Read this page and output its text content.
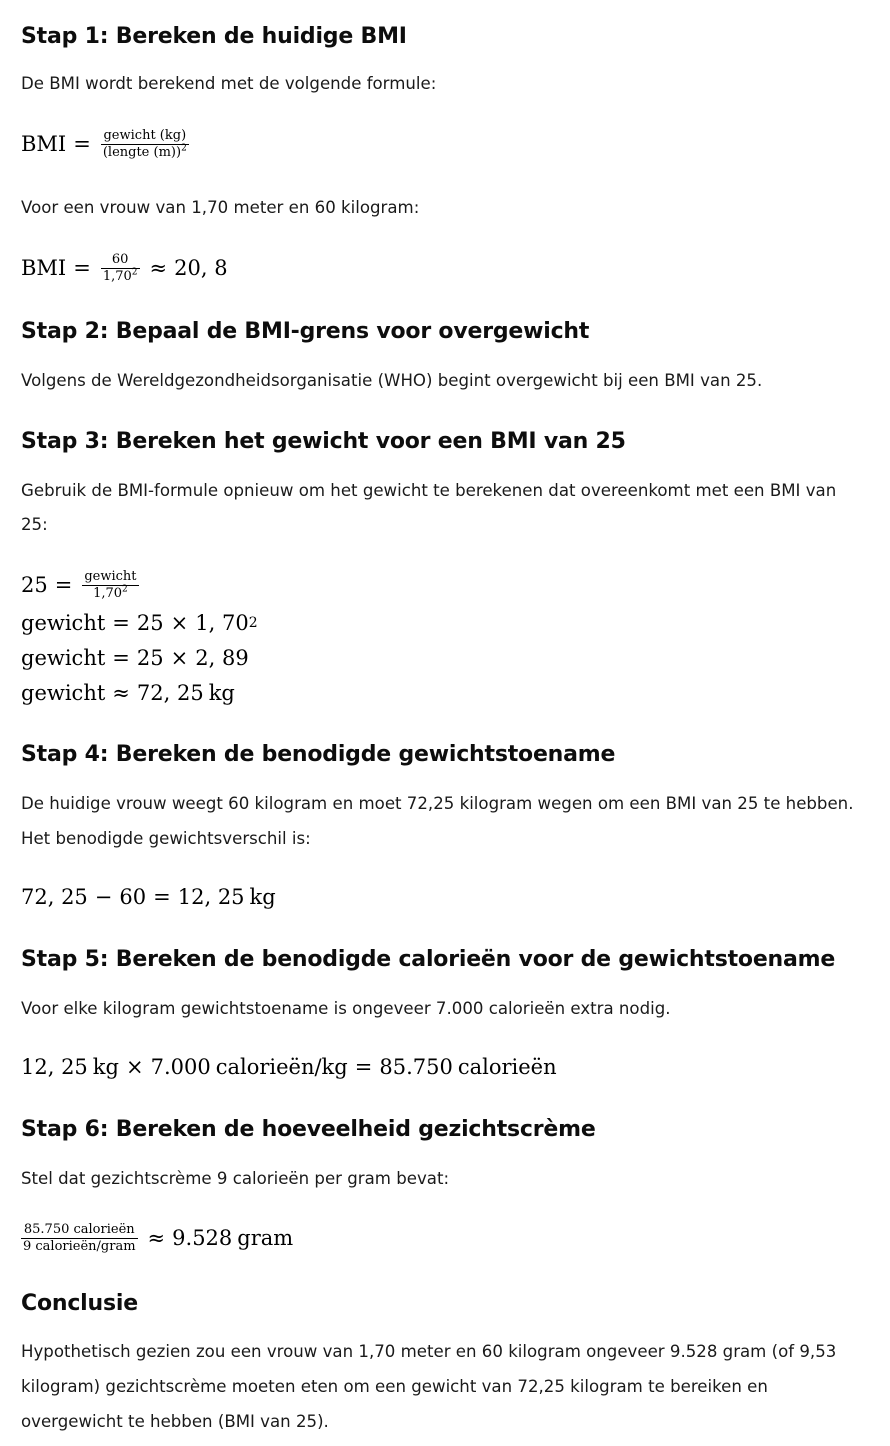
Stap 1: Bereken de huidige BMI

De BMI wordt berekend met de volgende formule:

BMI = $\frac{\text{gewicht (kg)}}{(lengte (m))^2}$

Voor een vrouw van 1,70 meter en 60 kilogram:

BMI = $\frac{60}{1,70^2} \approx 20$, 8
Stap 2: Bepaal de BMI-grens voor overgewicht

Volgens de Wereldgezondheidsorganisatie (WHO) begint overgewicht bij een BMI van 25.

Stap 3: Bereken het gewicht voor een BMI van 25

Gebruik de BMI-formule opnieuw om het gewicht te berekenen dat overeenkomt met een BMI van

25:

$25 = \frac{\text{gewicht}}{1,70^2}$
gewicht = 25 × 1, 70 2
gewicht = 25 × 2, 89
gewicht ≈ 72, 25 kg
Stap 4: Bereken de benodigde gewichtstoename

De huidige vrouw weegt 60 kilogram en moet 72,25 kilogram wegen om een BMI van 25 te hebben.

Het benodigde gewichtsverschil is:

72, 25 − 60 = 12, 25 kg
Stap 5: Bereken de benodigde calorieën voor de gewichtstoename

Voor elke kilogram gewichtstoename is ongeveer 7.000 calorieën extra nodig.

12, 25 kg × 7.000 calorieën/kg = 85.750 calorieën
Stap 6: Bereken de hoeveelheid gezichtscrème

Stel dat gezichtscrème 9 calorieën per gram bevat:

$\frac{\text{85.750 calorieën}}{\text{9 calorieën/gram}} \approx 9.528$ gram
Conclusie

Hypothetisch gezien zou een vrouw van 1,70 meter en 60 kilogram ongeveer 9.528 gram (of 9,53

kilogram) gezichtscrème moeten eten om een gewicht van 72,25 kilogram te bereiken en

overgewicht te hebben (BMI van 25).
